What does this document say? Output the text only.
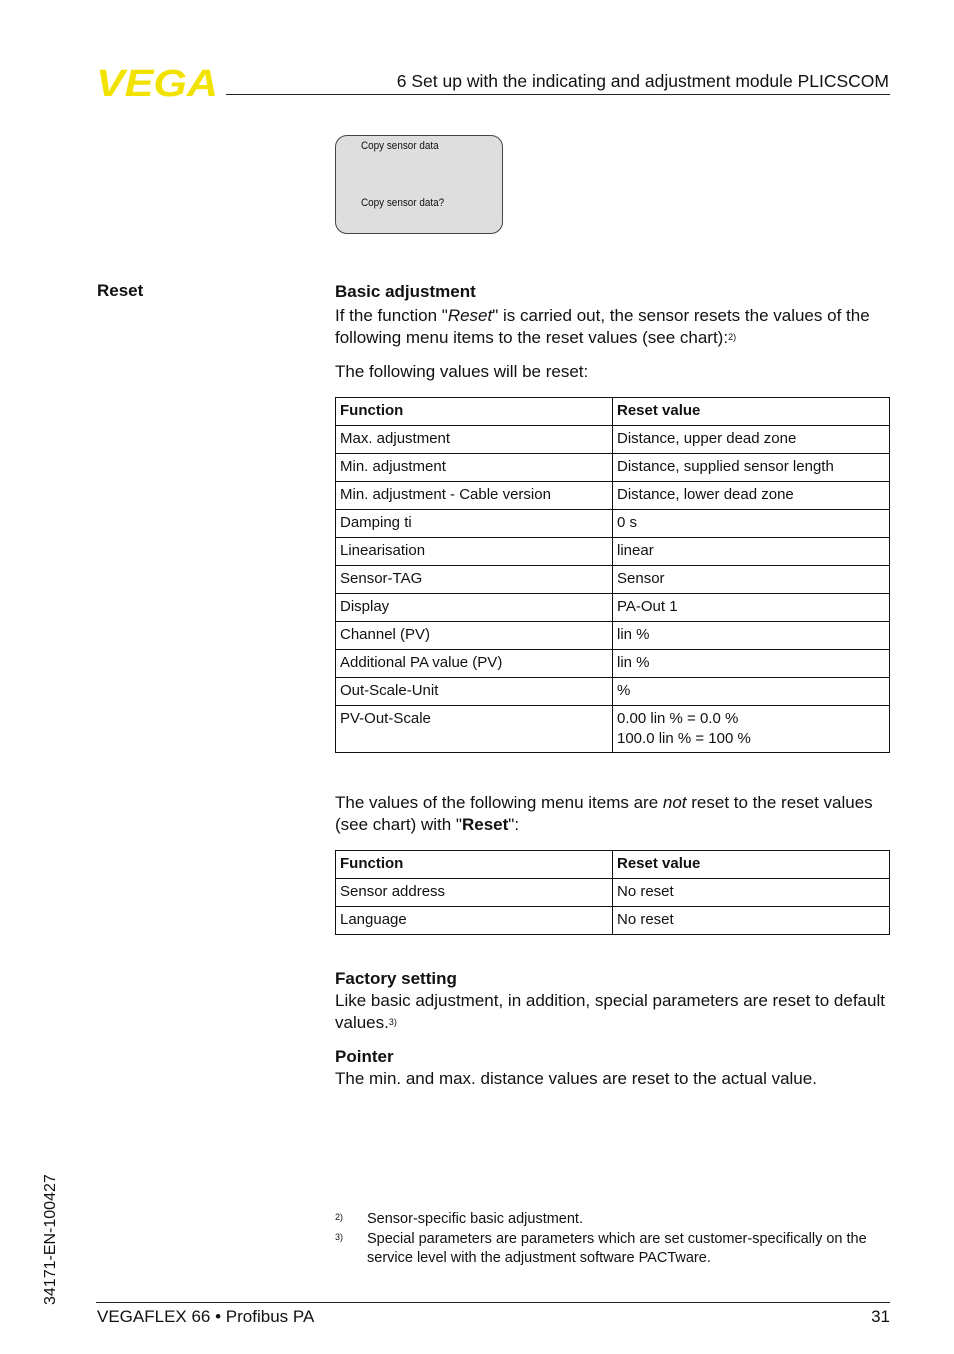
VEGA	6 Set up with the indicating and adjustment module PLICSCOM
Copy sensor data
Copy sensor data?
Reset	Basic adjustment
If the function "Reset" is carried out, the sensor resets the values of the following menu items to the reset values (see chart):$^{2)}$
The following values will be reset:
Function	Reset value

Max. adjustment	Distance, upper dead zone

Min. adjustment	Distance, supplied sensor length

Min. adjustment - Cable version	Distance, lower dead zone

Damping ti	0 s

Linearisation	linear

Sensor-TAG	Sensor

Display	PA-Out 1

Channel (PV)	lin %

Additional PA value (PV)	lin %

Out-Scale-Unit	%

PV-Out-Scale	0.00 lin % = 0.0 %
100.0 lin % = 100 %
The values of the following menu items are not reset to the reset values (see chart) with "Reset":
Function	Reset value

Sensor address	No reset

Language	No reset
Factory setting
Like basic adjustment, in addition, special parameters are reset to default values.$^{3)}$
Pointer
The min. and max. distance values are reset to the actual value.
2) Sensor-specific basic adjustment.
3) Special parameters are parameters which are set customer-specifically on the service level with the adjustment software PACTware.
34171-EN-100427
VEGAFLEX 66 • Profibus PA	31
